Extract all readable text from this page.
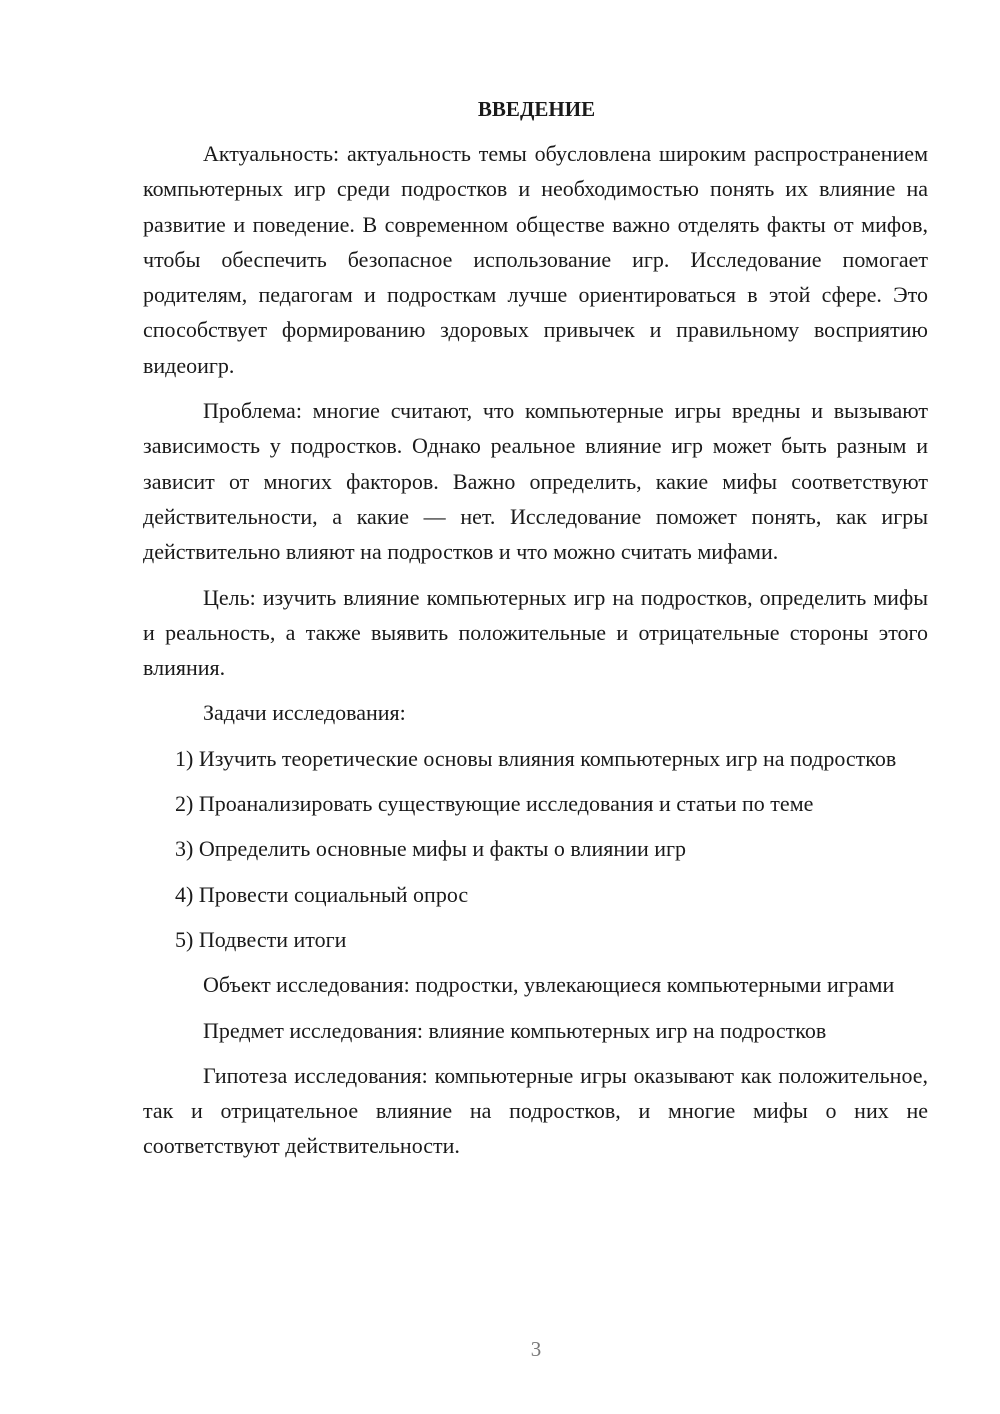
ВВЕДЕНИЕ

Актуальность: актуальность темы обусловлена широким распространением компьютерных игр среди подростков и необходимостью понять их влияние на развитие и поведение. В современном обществе важно отделять факты от мифов, чтобы обеспечить безопасное использование игр. Исследование помогает родителям, педагогам и подросткам лучше ориентироваться в этой сфере. Это способствует формированию здоровых привычек и правильному восприятию видеоигр.

Проблема: многие считают, что компьютерные игры вредны и вызывают зависимость у подростков. Однако реальное влияние игр может быть разным и зависит от многих факторов. Важно определить, какие мифы соответствуют действительности, а какие — нет. Исследование поможет понять, как игры действительно влияют на подростков и что можно считать мифами.

Цель: изучить влияние компьютерных игр на подростков, определить мифы и реальность, а также выявить положительные и отрицательные стороны этого влияния.

Задачи исследования:

1) Изучить теоретические основы влияния компьютерных игр на подростков

2) Проанализировать существующие исследования и статьи по теме

3) Определить основные мифы и факты о влиянии игр

4) Провести социальный опрос

5) Подвести итоги

Объект исследования: подростки, увлекающиеся компьютерными играми

Предмет исследования: влияние компьютерных игр на подростков

Гипотеза исследования: компьютерные игры оказывают как положительное, так и отрицательное влияние на подростков, и многие мифы о них не соответствуют действительности.

3
